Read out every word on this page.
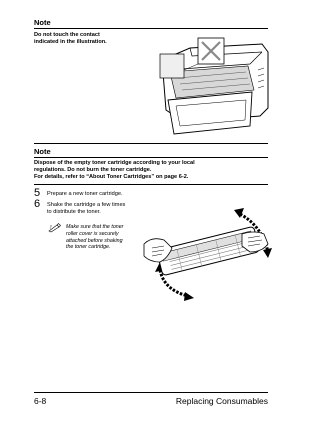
Note
Do not touch the contact
indicated in the illustration.
Note
Dispose of the empty toner cartridge according to your local
regulations. Do not burn the toner cartridge.
For details, refer to “About Toner Cartridges” on page 6-2.
5 Prepare a new toner cartridge.
6 Shake the cartridge a few times
to distribute the toner.
Make sure that the toner
roller cover is securely
attached before shaking
the toner cartridge.
6-8	Replacing Consumables
